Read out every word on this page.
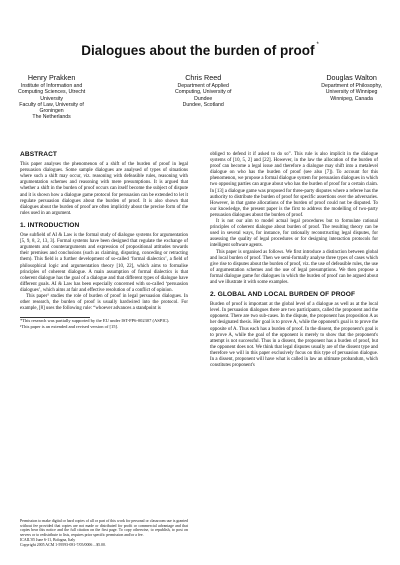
Dialogues about the burden of proof *
Henry Prakken
Institute of Information and
Computing Sciences, Utrecht
University
Faculty of Law, University of
Groningen
The Netherlands
Chris Reed
Department of Applied
Computing, University of
Dundee
Dundee, Scotland
Douglas Walton
Department of Philosophy,
University of Winnipeg
Winnipeg, Canada
ABSTRACT

This paper analyses the phenomenon of a shift of the burden of proof in legal persuasion dialogues. Some sample dialogues are analysed of types of situations where such a shift may occur, viz. reasoning with defeasible rules, reasoning with argumentation schemes and reasoning with mere presumptions. It is argued that whether a shift in the burden of proof occurs can itself become the subject of dispute and it is shown how a dialogue game protocol for persuasion can be extended to let it regulate persuasion dialogues about the burden of proof. It is also shown that dialogues about the burden of proof are often implicitly about the precise form of the rules used in an argument.

1. INTRODUCTION

One subfield of AI & Law is the formal study of dialogue systems for argumentation [5, 9, 8, 2, 13, 3]. Formal systems have been designed that regulate the exchange of arguments and counterarguments and expression of propositional attitudes towards their premises and conclusions (such as claiming, disputing, conceding or retracting them). This field is a further development of so-called ‘formal dialectics’, a field of philosophical logic and argumentation theory [10, 22], which aims to formalise principles of coherent dialogue. A main assumption of formal dialectics is that coherent dialogue has the goal of a dialogue and that different types of dialogue have different goals. AI & Law has been especially concerned with so-called ‘persuasion dialogues’, which aims at fair and effective resolution of a conflict of opinion.

This paper¹ studies the role of burden of proof in legal persuasion dialogues. In other research, the burden of proof is usually hardwired into the protocol. For example, [8] uses the following rule: “whoever advances a standpoint is

*This research was partially supported by the EU under IST-FP6-002307 (ASPIC).

¹This paper is an extended and revised version of [15].

Permission to make digital or hard copies of all or part of this work for personal or classroom use is granted without fee provided that copies are not made or distributed for profit or commercial advantage and that copies bear this notice and the full citation on the first page. To copy otherwise, to republish, to post on servers or to redistribute to lists, requires prior specific permission and/or a fee.

ICAIL'05 June 6-11, Bologna, Italy

Copyright 2005 ACM 1-59593-081-7/05/0006 ...$5.00.

obliged to defend it if asked to do so”. This rule is also implicit in the dialogue systems of [10, 5, 2] and [22]. However, in the law the allocation of the burden of proof can become a legal issue and therefore a dialogue may shift into a metalevel dialogue on who has the burden of proof (see also [7]). To account for this phenomenon, we propose a formal dialogue system for persuasion dialogues in which two opposing parties can argue about who has the burden of proof for a certain claim. In [13] a dialogue game was proposed for three-party disputes where a referee has the authority to distribute the burden of proof for specific assertions over the adversaries. However, in that game allocations of the burden of proof could not be disputed. To our knowledge, the present paper is the first to address the modelling of two-party persuasion dialogues about the burden of proof.

It is not our aim to model actual legal procedures but to formulate rational principles of coherent dialogue about burden of proof. The resulting theory can be used in several ways, for instance, for rationally reconstructing legal disputes, for assessing the quality of legal procedures or for designing interaction protocols for intelligent software agents.

This paper is organised as follows. We first introduce a distinction between global and local burden of proof. Then we semi-formally analyse three types of cases which give rise to disputes about the burden of proof, viz. the use of defeasible rules, the use of argumentation schemes and the use of legal presumptions. We then propose a formal dialogue game for dialogues in which the burden of proof can be argued about and we illustrate it with some examples.

2. GLOBAL AND LOCAL BURDEN OF PROOF

Burden of proof is important at the global level of a dialogue as well as at the local level. In persuasion dialogues there are two participants, called the proponent and the opponent. There are two sub-cases. In the dispute, the proponent has proposition A as her designated thesis. Her goal is to prove A, while the opponent's goal is to prove the opposite of A. Thus each has a burden of proof. In the dissent, the proponent's goal is to prove A, while the goal of the opponent is merely to show that the proponent's attempt is not successful. Thus in a dissent, the proponent has a burden of proof, but the opponent does not. We think that legal disputes usually are of the dissent type and therefore we will in this paper exclusively focus on this type of persuasion dialogue. In a dissent, proponent will have what is called in law an ultimate probandum, which constitutes proponent's
